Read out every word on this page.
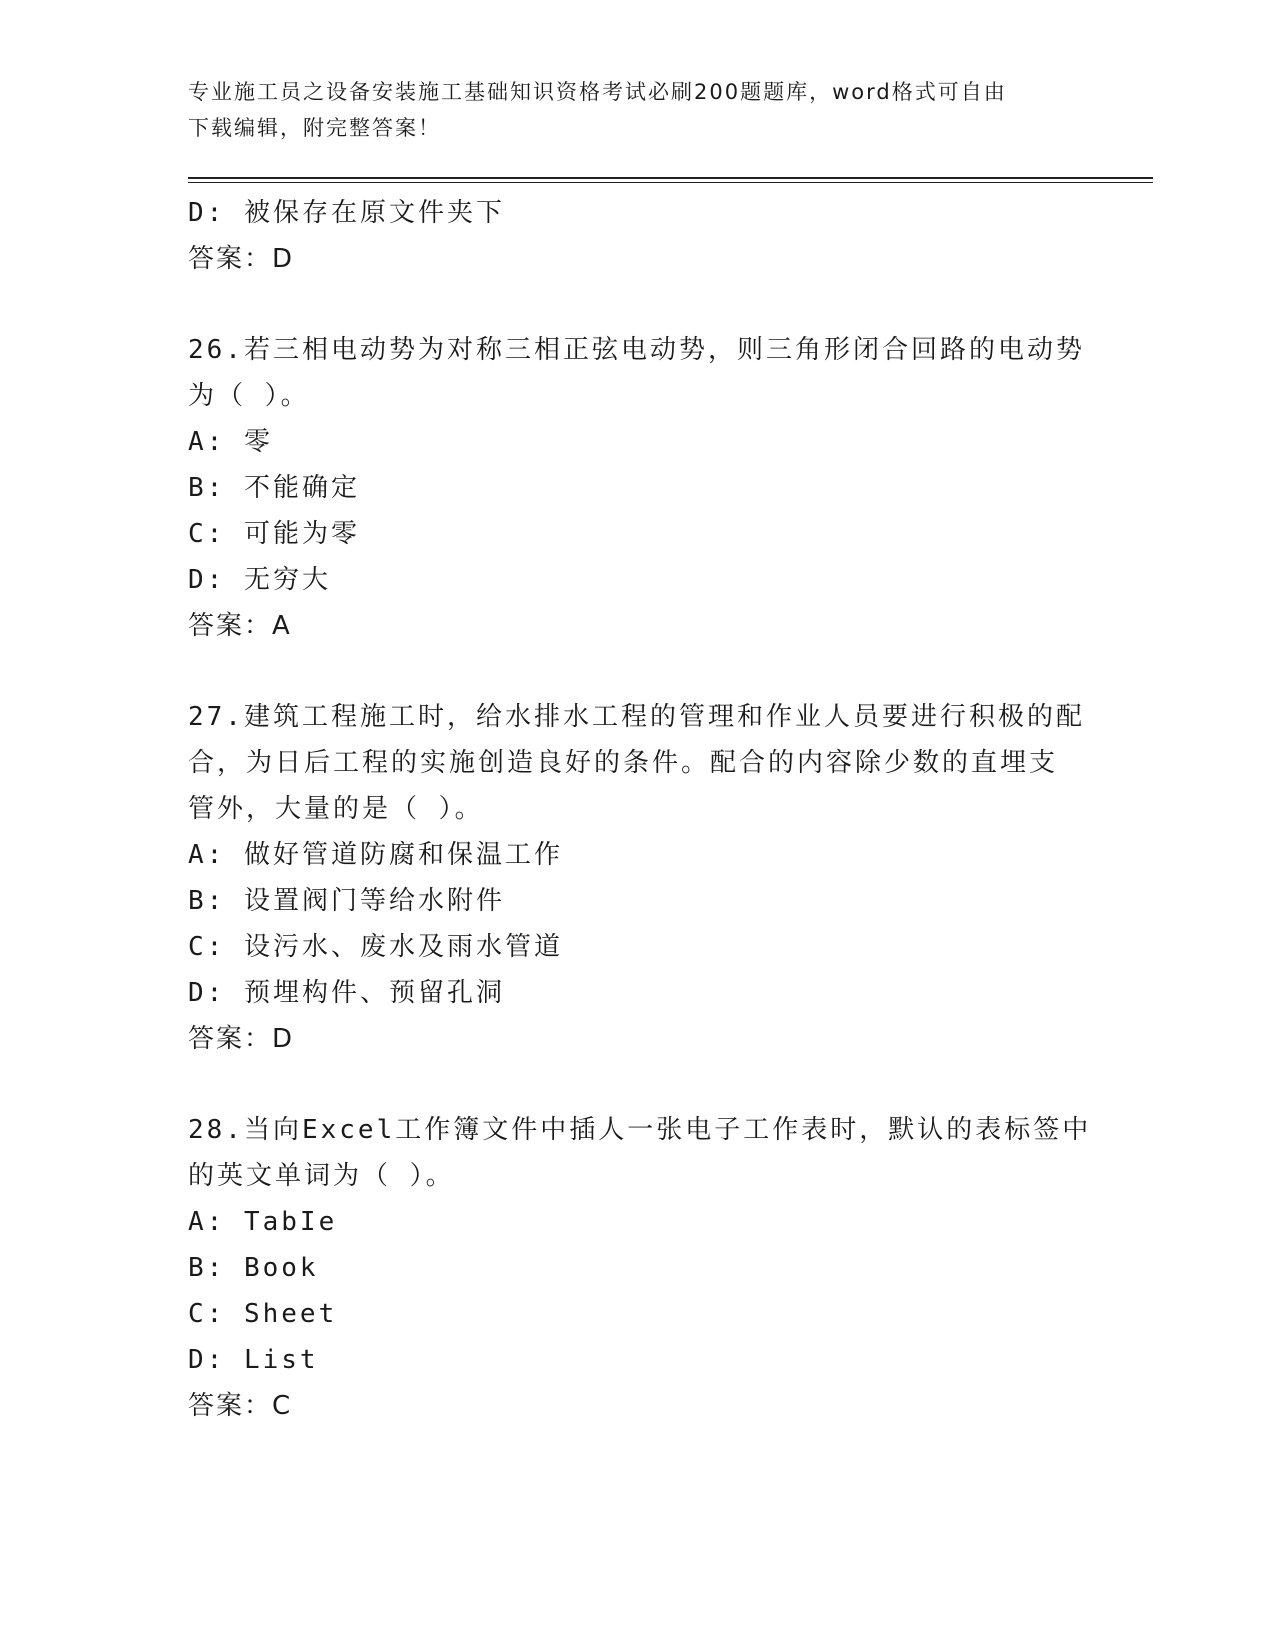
专业施工员之设备安装施工基础知识资格考试必刷200题题库，word格式可自由
下载编辑，附完整答案！
D: 被保存在原文件夹下
答案：D
26.若三相电动势为对称三相正弦电动势，则三角形闭合回路的电动势
为（ ）。
A: 零
B: 不能确定
C: 可能为零
D: 无穷大
答案：A
27.建筑工程施工时，给水排水工程的管理和作业人员要进行积极的配
合，为日后工程的实施创造良好的条件。配合的内容除少数的直埋支
管外，大量的是（ ）。
A: 做好管道防腐和保温工作
B: 设置阀门等给水附件
C: 设污水、废水及雨水管道
D: 预埋构件、预留孔洞
答案：D
28.当向Excel工作簿文件中插人一张电子工作表时，默认的表标签中
的英文单词为（ ）。
A: TabIe
B: Book
C: Sheet
D: List
答案：C
